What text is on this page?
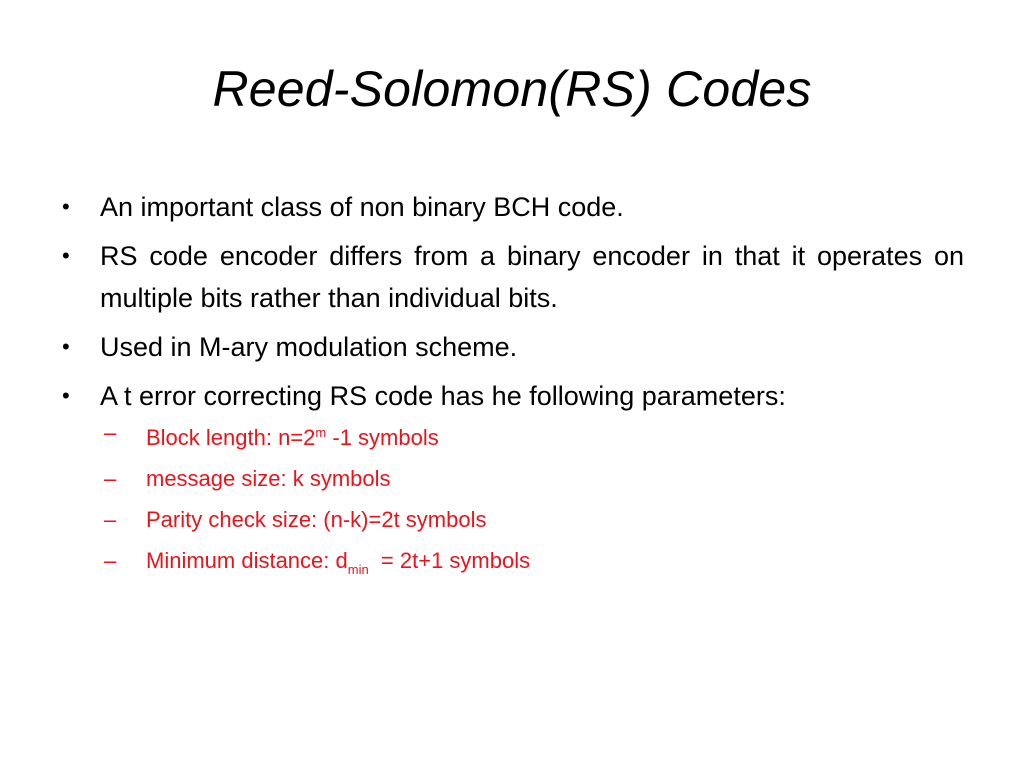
Reed-Solomon(RS) Codes
• An important class of non binary BCH code.
• RS code encoder differs from a binary encoder in that it operates on multiple bits rather than individual bits.
• Used in M-ary modulation scheme.
• A t error correcting RS code has he following parameters:
– Block length: $n=2^m$ -1 symbols
– message size: k symbols
– Parity check size: (n-k)=2t symbols
– Minimum distance: $d_{min} = 2t+1$ symbols
